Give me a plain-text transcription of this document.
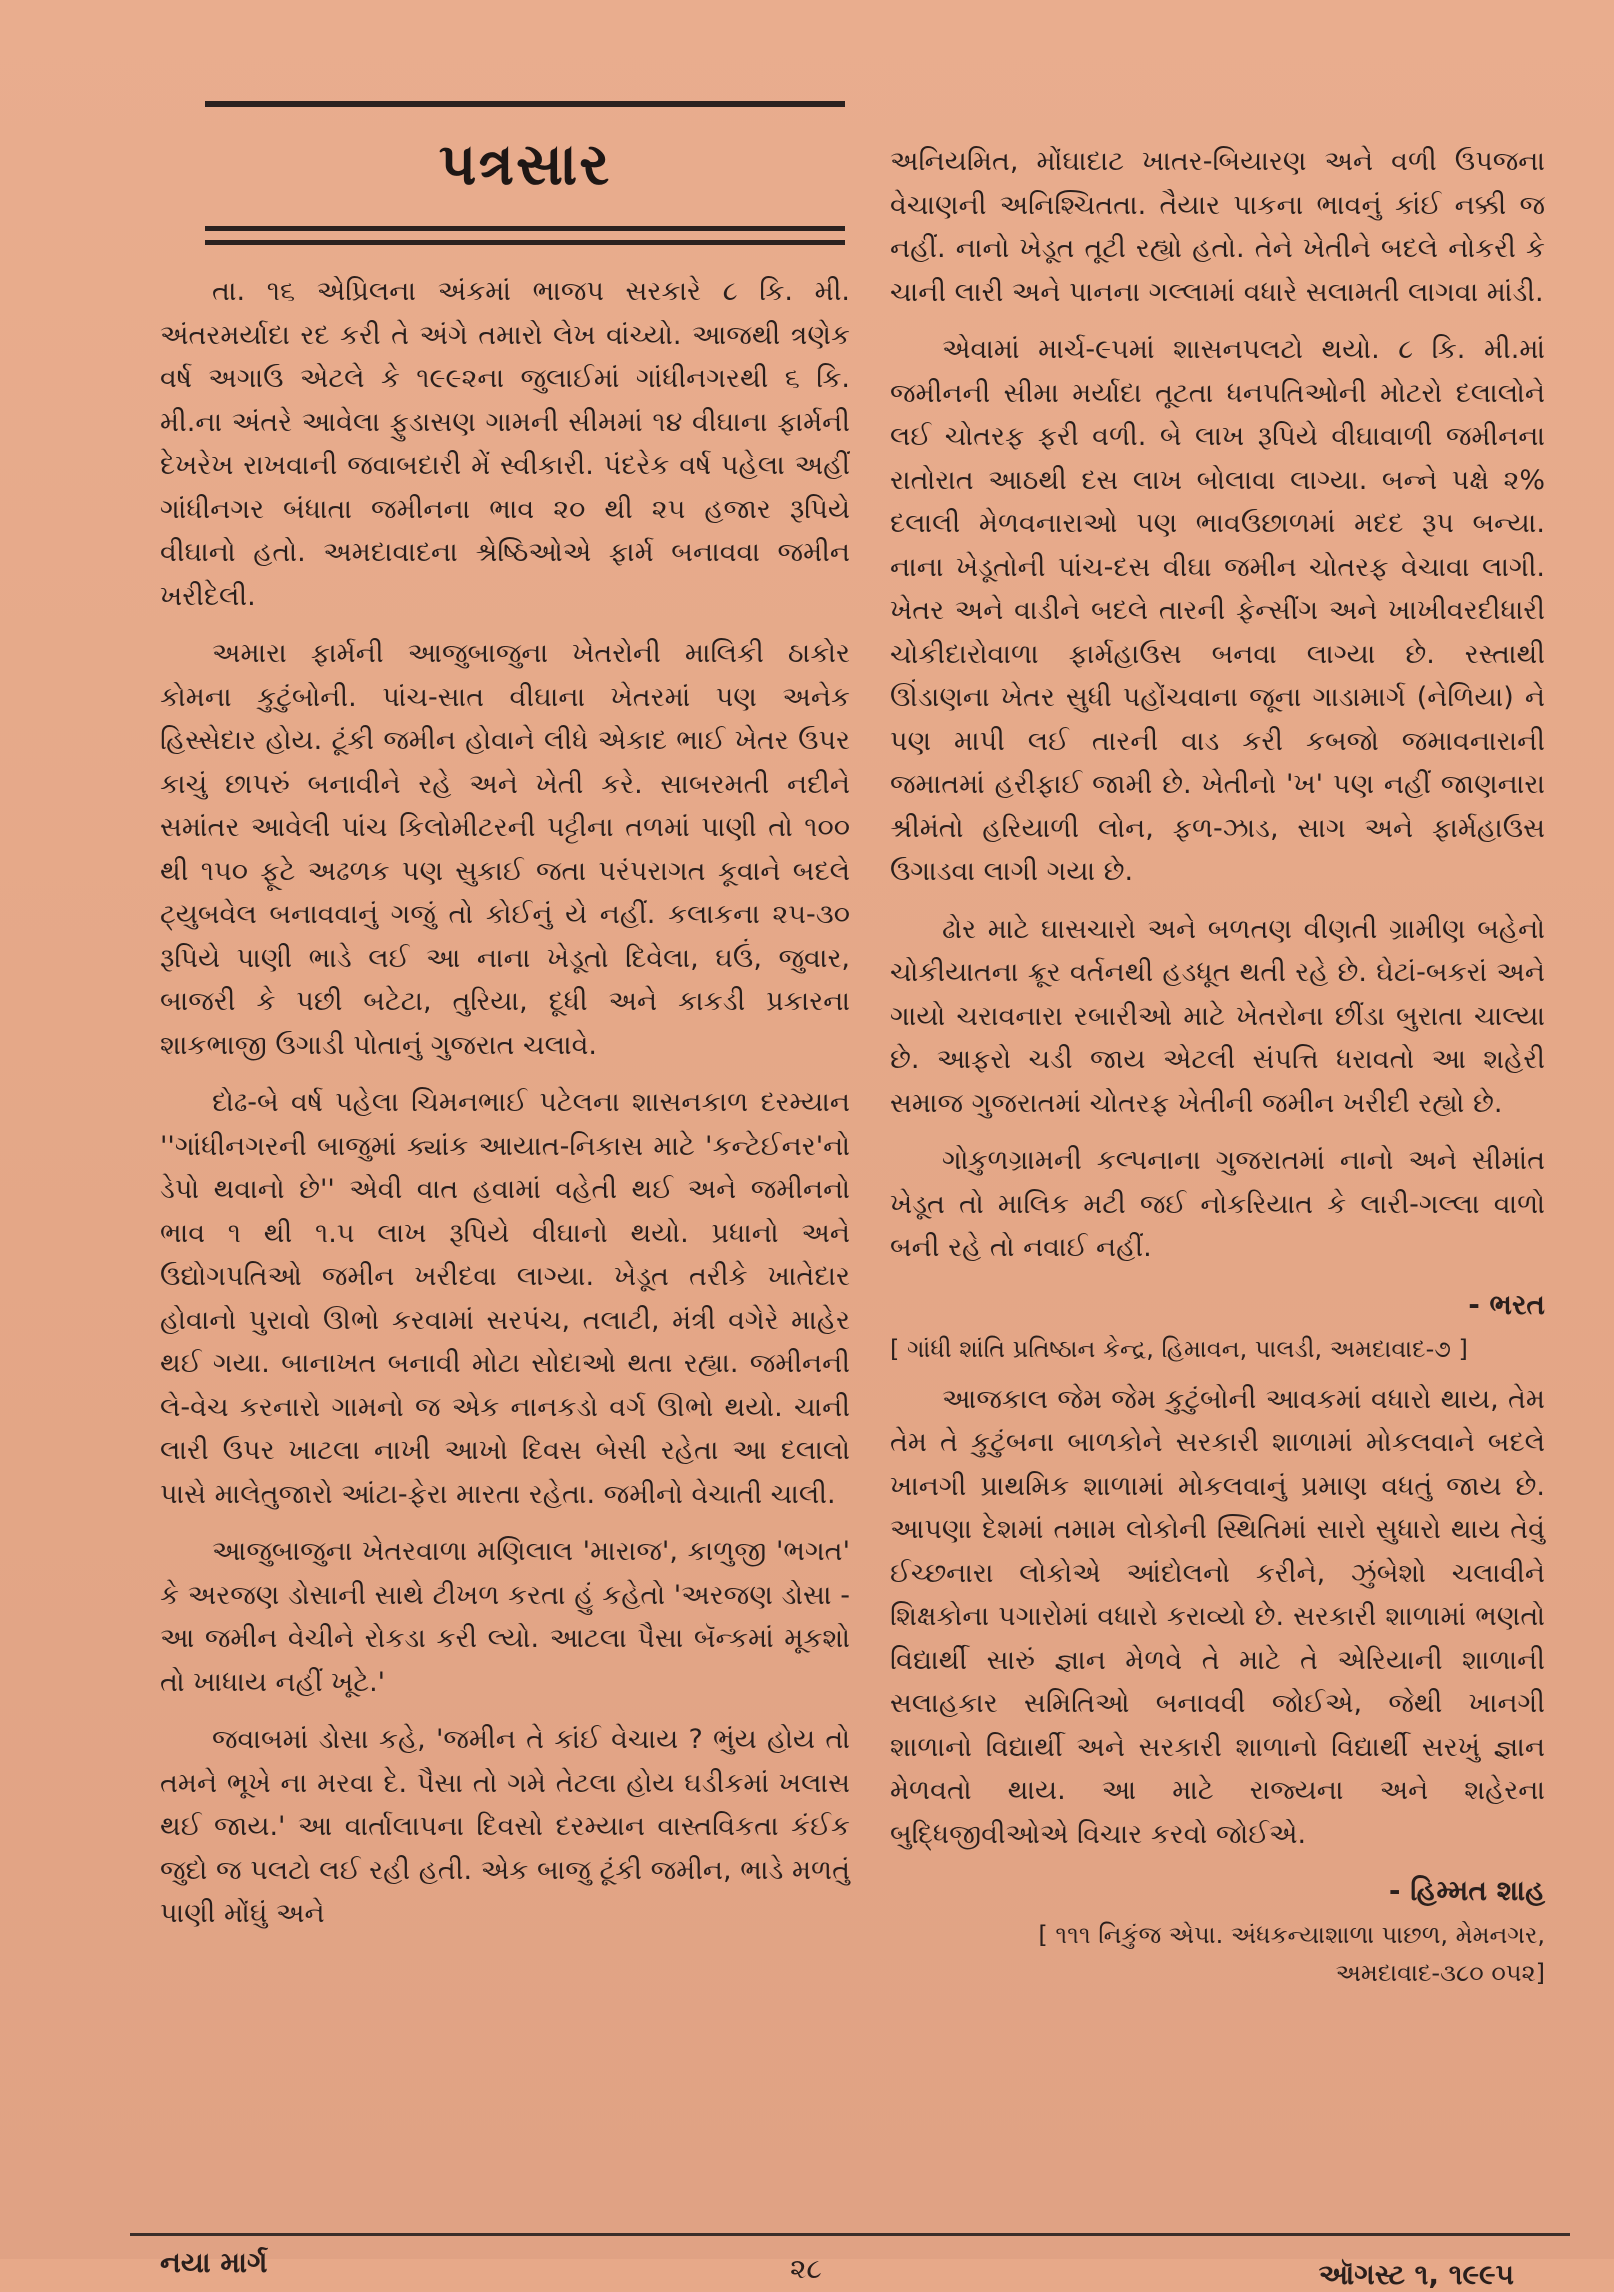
પત્રસાર

તા. ૧૬ એપ્રિલના અંકમાં ભાજપ સરકારે ૮ કિ. મી. અંતરમર્યાદા રદ કરી તે અંગે તમારો લેખ વાંચ્યો. આજથી ત્રણેક વર્ષ અગાઉ એટલે કે ૧૯૯૨ના જુલાઈમાં ગાંધીનગરથી ૬ કિ. મી.ના અંતરે આવેલા ફુડાસણ ગામની સીમમાં ૧૪ વીઘાના ફાર્મની દેખરેખ રાખવાની જવાબદારી મેં સ્વીકારી. પંદરેક વર્ષ પહેલા અહીં ગાંધીનગર બંધાતા જમીનના ભાવ ૨૦ થી ૨૫ હજાર રૂપિયે વીઘાનો હતો. અમદાવાદના શ્રેષ્ઠિઓએ ફાર્મ બનાવવા જમીન ખરીદેલી.

અમારા ફાર્મની આજુબાજુના ખેતરોની માલિકી ઠાકોર કોમના કુટુંબોની. પાંચ-સાત વીઘાના ખેતરમાં પણ અનેક હિસ્સેદાર હોય. ટૂંકી જમીન હોવાને લીધે એકાદ ભાઈ ખેતર ઉપર કાચું છાપરું બનાવીને રહે અને ખેતી કરે. સાબરમતી નદીને સમાંતર આવેલી પાંચ કિલોમીટરની પટ્ટીના તળમાં પાણી તો ૧૦૦ થી ૧૫૦ ફૂટે અઢળક પણ સુકાઈ જતા પરંપરાગત કૂવાને બદલે ટ્યુબવેલ બનાવવાનું ગજું તો કોઈનું યે નહીં. કલાકના ૨૫-૩૦ રૂપિયે પાણી ભાડે લઈ આ નાના ખેડૂતો દિવેલા, ઘઉં, જુવાર, બાજરી કે પછી બટેટા, તુરિયા, દૂધી અને કાકડી પ્રકારના શાકભાજી ઉગાડી પોતાનું ગુજરાત ચલાવે.

દોઢ-બે વર્ષ પહેલા ચિમનભાઈ પટેલના શાસનકાળ દરમ્યાન ''ગાંધીનગરની બાજુમાં ક્યાંક આયાત-નિકાસ માટે 'કન્ટેઈનર'નો ડેપો થવાનો છે'' એવી વાત હવામાં વહેતી થઈ અને જમીનનો ભાવ ૧ થી ૧.૫ લાખ રૂપિયે વીઘાનો થયો. પ્રધાનો અને ઉદ્યોગપતિઓ જમીન ખરીદવા લાગ્યા. ખેડૂત તરીકે ખાતેદાર હોવાનો પુરાવો ઊભો કરવામાં સરપંચ, તલાટી, મંત્રી વગેરે માહેર થઈ ગયા. બાનાખત બનાવી મોટા સોદાઓ થતા રહ્યા. જમીનની લે-વેચ કરનારો ગામનો જ એક નાનકડો વર્ગ ઊભો થયો. ચાની લારી ઉપર ખાટલા નાખી આખો દિવસ બેસી રહેતા આ દલાલો પાસે માલેતુજારો આંટા-ફેરા મારતા રહેતા. જમીનો વેચાતી ચાલી.

આજુબાજુના ખેતરવાળા મણિલાલ 'મારાજ', કાળુજી 'ભગત' કે અરજણ ડોસાની સાથે ટીખળ કરતા હું કહેતો 'અરજણ ડોસા - આ જમીન વેચીને રોકડા કરી લ્યો. આટલા પૈસા બૅન્કમાં મૂકશો તો ખાધાય નહીં ખૂટે.'

જવાબમાં ડોસા કહે, 'જમીન તે કાંઈ વેચાય ? ભુંય હોય તો તમને ભૂખે ના મરવા દે. પૈસા તો ગમે તેટલા હોય ઘડીકમાં ખલાસ થઈ જાય.' આ વાર્તાલાપના દિવસો દરમ્યાન વાસ્તવિકતા કંઈક જુદો જ પલટો લઈ રહી હતી. એક બાજુ ટૂંકી જમીન, ભાડે મળતું પાણી મોંઘું અને

અનિયમિત, મોંઘાદાટ ખાતર-બિયારણ અને વળી ઉપજના વેચાણની અનિશ્ચિતતા. તૈયાર પાકના ભાવનું કાંઈ નક્કી જ નહીં. નાનો ખેડૂત તૂટી રહ્યો હતો. તેને ખેતીને બદલે નોકરી કે ચાની લારી અને પાનના ગલ્લામાં વધારે સલામતી લાગવા માંડી.

એવામાં માર્ચ-૯૫માં શાસનપલટો થયો. ૮ કિ. મી.માં જમીનની સીમા મર્યાદા તૂટતા ધનપતિઓની મોટરો દલાલોને લઈ ચોતરફ ફરી વળી. બે લાખ રૂપિયે વીઘાવાળી જમીનના રાતોરાત આઠથી દસ લાખ બોલાવા લાગ્યા. બન્ને પક્ષે ૨% દલાલી મેળવનારાઓ પણ ભાવઉછાળમાં મદદ રૂપ બન્યા. નાના ખેડૂતોની પાંચ-દસ વીઘા જમીન ચોતરફ વેચાવા લાગી. ખેતર અને વાડીને બદલે તારની ફેન્સીંગ અને ખાખીવરદીધારી ચોકીદારોવાળા ફાર્મહાઉસ બનવા લાગ્યા છે. રસ્તાથી ઊંડાણના ખેતર સુધી પહોંચવાના જૂના ગાડામાર્ગ (નેળિયા) ને પણ માપી લઈ તારની વાડ કરી કબજો જમાવનારાની જમાતમાં હરીફાઈ જામી છે. ખેતીનો 'ખ' પણ નહીં જાણનારા શ્રીમંતો હરિયાળી લોન, ફળ-ઝાડ, સાગ અને ફાર્મહાઉસ ઉગાડવા લાગી ગયા છે.

ઢોર માટે ઘાસચારો અને બળતણ વીણતી ગ્રામીણ બહેનો ચોકીયાતના ક્રૂર વર્તનથી હડધૂત થતી રહે છે. ઘેટાં-બકરાં અને ગાયો ચરાવનારા રબારીઓ માટે ખેતરોના છીંડા બુરાતા ચાલ્યા છે. આફરો ચડી જાય એટલી સંપત્તિ ધરાવતો આ શહેરી સમાજ ગુજરાતમાં ચોતરફ ખેતીની જમીન ખરીદી રહ્યો છે.

ગોકુળગ્રામની કલ્પનાના ગુજરાતમાં નાનો અને સીમાંત ખેડૂત તો માલિક મટી જઈ નોકરિયાત કે લારી-ગલ્લા વાળો બની રહે તો નવાઈ નહીં.

- ભરત
[ ગાંધી શાંતિ પ્રતિષ્ઠાન કેન્દ્ર, હિમાવન, પાલડી, અમદાવાદ-૭ ]

આજકાલ જેમ જેમ કુટુંબોની આવકમાં વધારો થાય, તેમ તેમ તે કુટુંબના બાળકોને સરકારી શાળામાં મોકલવાને બદલે ખાનગી પ્રાથમિક શાળામાં મોકલવાનું પ્રમાણ વધતું જાય છે. આપણા દેશમાં તમામ લોકોની સ્થિતિમાં સારો સુધારો થાય તેવું ઈચ્છનારા લોકોએ આંદોલનો કરીને, ઝુંબેશો ચલાવીને શિક્ષકોના પગારોમાં વધારો કરાવ્યો છે. સરકારી શાળામાં ભણતો વિદ્યાર્થી સારું જ્ઞાન મેળવે તે માટે તે એરિયાની શાળાની સલાહકાર સમિતિઓ બનાવવી જોઈએ, જેથી ખાનગી શાળાનો વિદ્યાર્થી અને સરકારી શાળાનો વિદ્યાર્થી સરખું જ્ઞાન મેળવતો થાય. આ માટે રાજ્યના અને શહેરના બુદ્ધિજીવીઓએ વિચાર કરવો જોઈએ.

- હિમ્મત શાહ
[ ૧૧૧ નિકુંજ એપા. અંધકન્યાશાળા પાછળ, મેમનગર, અમદાવાદ-૩૮૦ ૦૫૨]
નયા માર્ગ	૨૮	ઑગસ્ટ ૧, ૧૯૯૫
